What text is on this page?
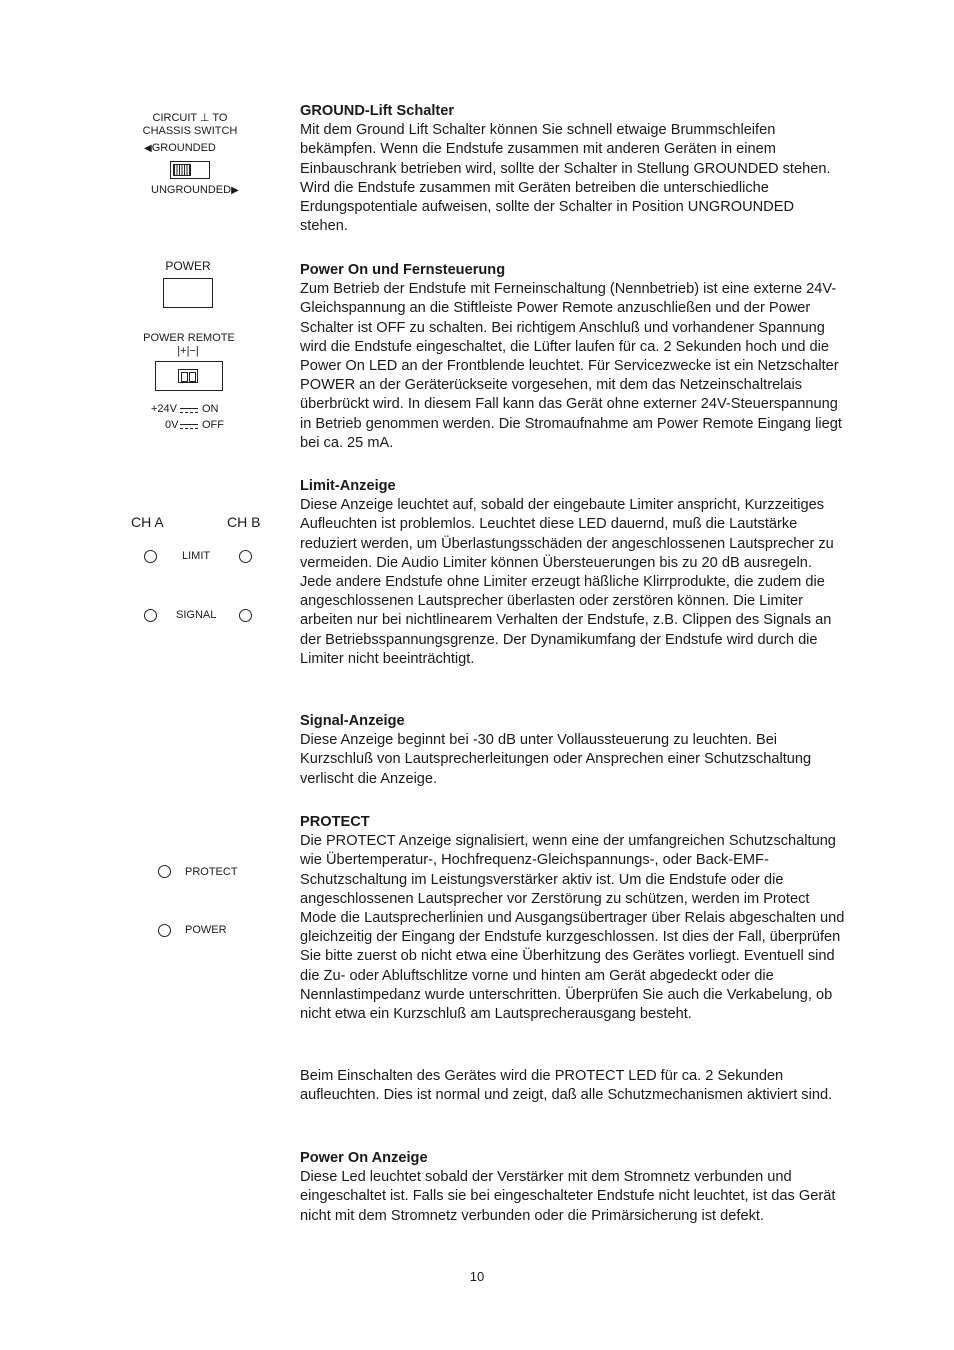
CIRCUIT ⊥ TO
CHASSIS SWITCH
◀GROUNDED
UNGROUNDED▶
POWER
POWER REMOTE
|+|−|
+24V ON
0V OFF
CH A	CH B
LIMIT
SIGNAL
PROTECT
POWER
GROUND-Lift Schalter

Mit dem Ground Lift Schalter können Sie schnell etwaige Brummschleifen bekämpfen. Wenn die Endstufe zusammen mit anderen Geräten in einem Einbauschrank betrieben wird, sollte der Schalter in Stellung GROUNDED stehen. Wird die Endstufe zusammen mit Geräten betreiben die unterschiedliche Erdungspotentiale aufweisen, sollte der Schalter in Position UNGROUNDED stehen.

Power On und Fernsteuerung

Zum Betrieb der Endstufe mit Ferneinschaltung (Nennbetrieb) ist eine externe 24V-Gleichspannung an die Stiftleiste Power Remote anzuschließen und der Power Schalter ist OFF zu schalten. Bei richtigem Anschluß und vorhandener Spannung wird die Endstufe eingeschaltet, die Lüfter laufen für ca. 2 Sekunden hoch und die Power On LED an der Frontblende leuchtet. Für Servicezwecke ist ein Netzschalter POWER an der Geräterückseite vorgesehen, mit dem das Netzeinschaltrelais überbrückt wird. In diesem Fall kann das Gerät ohne externer 24V-Steuerspannung in Betrieb genommen werden. Die Stromaufnahme am Power Remote Eingang liegt bei ca. 25 mA.

Limit-Anzeige

Diese Anzeige leuchtet auf, sobald der eingebaute Limiter anspricht, Kurzzeitiges Aufleuchten ist problemlos. Leuchtet diese LED dauernd, muß die Lautstärke reduziert werden, um Überlastungsschäden der angeschlossenen Lautsprecher zu vermeiden. Die Audio Limiter können Übersteuerungen bis zu 20 dB ausregeln. Jede andere Endstufe ohne Limiter erzeugt häßliche Klirrprodukte, die zudem die angeschlossenen Lautsprecher überlasten oder zerstören können. Die Limiter arbeiten nur bei nichtlinearem Verhalten der Endstufe, z.B. Clippen des Signals an der Betriebsspannungsgrenze. Der Dynamikumfang der Endstufe wird durch die Limiter nicht beeinträchtigt.

Signal-Anzeige

Diese Anzeige beginnt bei -30 dB unter Vollaussteuerung zu leuchten. Bei Kurzschluß von Lautsprecherleitungen oder Ansprechen einer Schutzschaltung verlischt die Anzeige.

PROTECT

Die PROTECT Anzeige signalisiert, wenn eine der umfangreichen Schutzschaltung wie Übertemperatur-, Hochfrequenz-Gleichspannungs-, oder Back-EMF-Schutzschaltung im Leistungsverstärker aktiv ist. Um die Endstufe oder die angeschlossenen Lautsprecher vor Zerstörung zu schützen, werden im Protect Mode die Lautsprecherlinien und Ausgangsübertrager über Relais abgeschalten und gleichzeitig der Eingang der Endstufe kurzgeschlossen. Ist dies der Fall, überprüfen Sie bitte zuerst ob nicht etwa eine Überhitzung des Gerätes vorliegt. Eventuell sind die Zu- oder Abluftschlitze vorne und hinten am Gerät abgedeckt oder die Nennlastimpedanz wurde unterschritten. Überprüfen Sie auch die Verkabelung, ob nicht etwa ein Kurzschluß am Lautsprecherausgang besteht.

Beim Einschalten des Gerätes wird die PROTECT LED für ca. 2 Sekunden aufleuchten. Dies ist normal und zeigt, daß alle Schutzmechanismen aktiviert sind.

Power On Anzeige

Diese Led leuchtet sobald der Verstärker mit dem Stromnetz verbunden und eingeschaltet ist. Falls sie bei eingeschalteter Endstufe nicht leuchtet, ist das Gerät nicht mit dem Stromnetz verbunden oder die Primärsicherung ist defekt.

10
